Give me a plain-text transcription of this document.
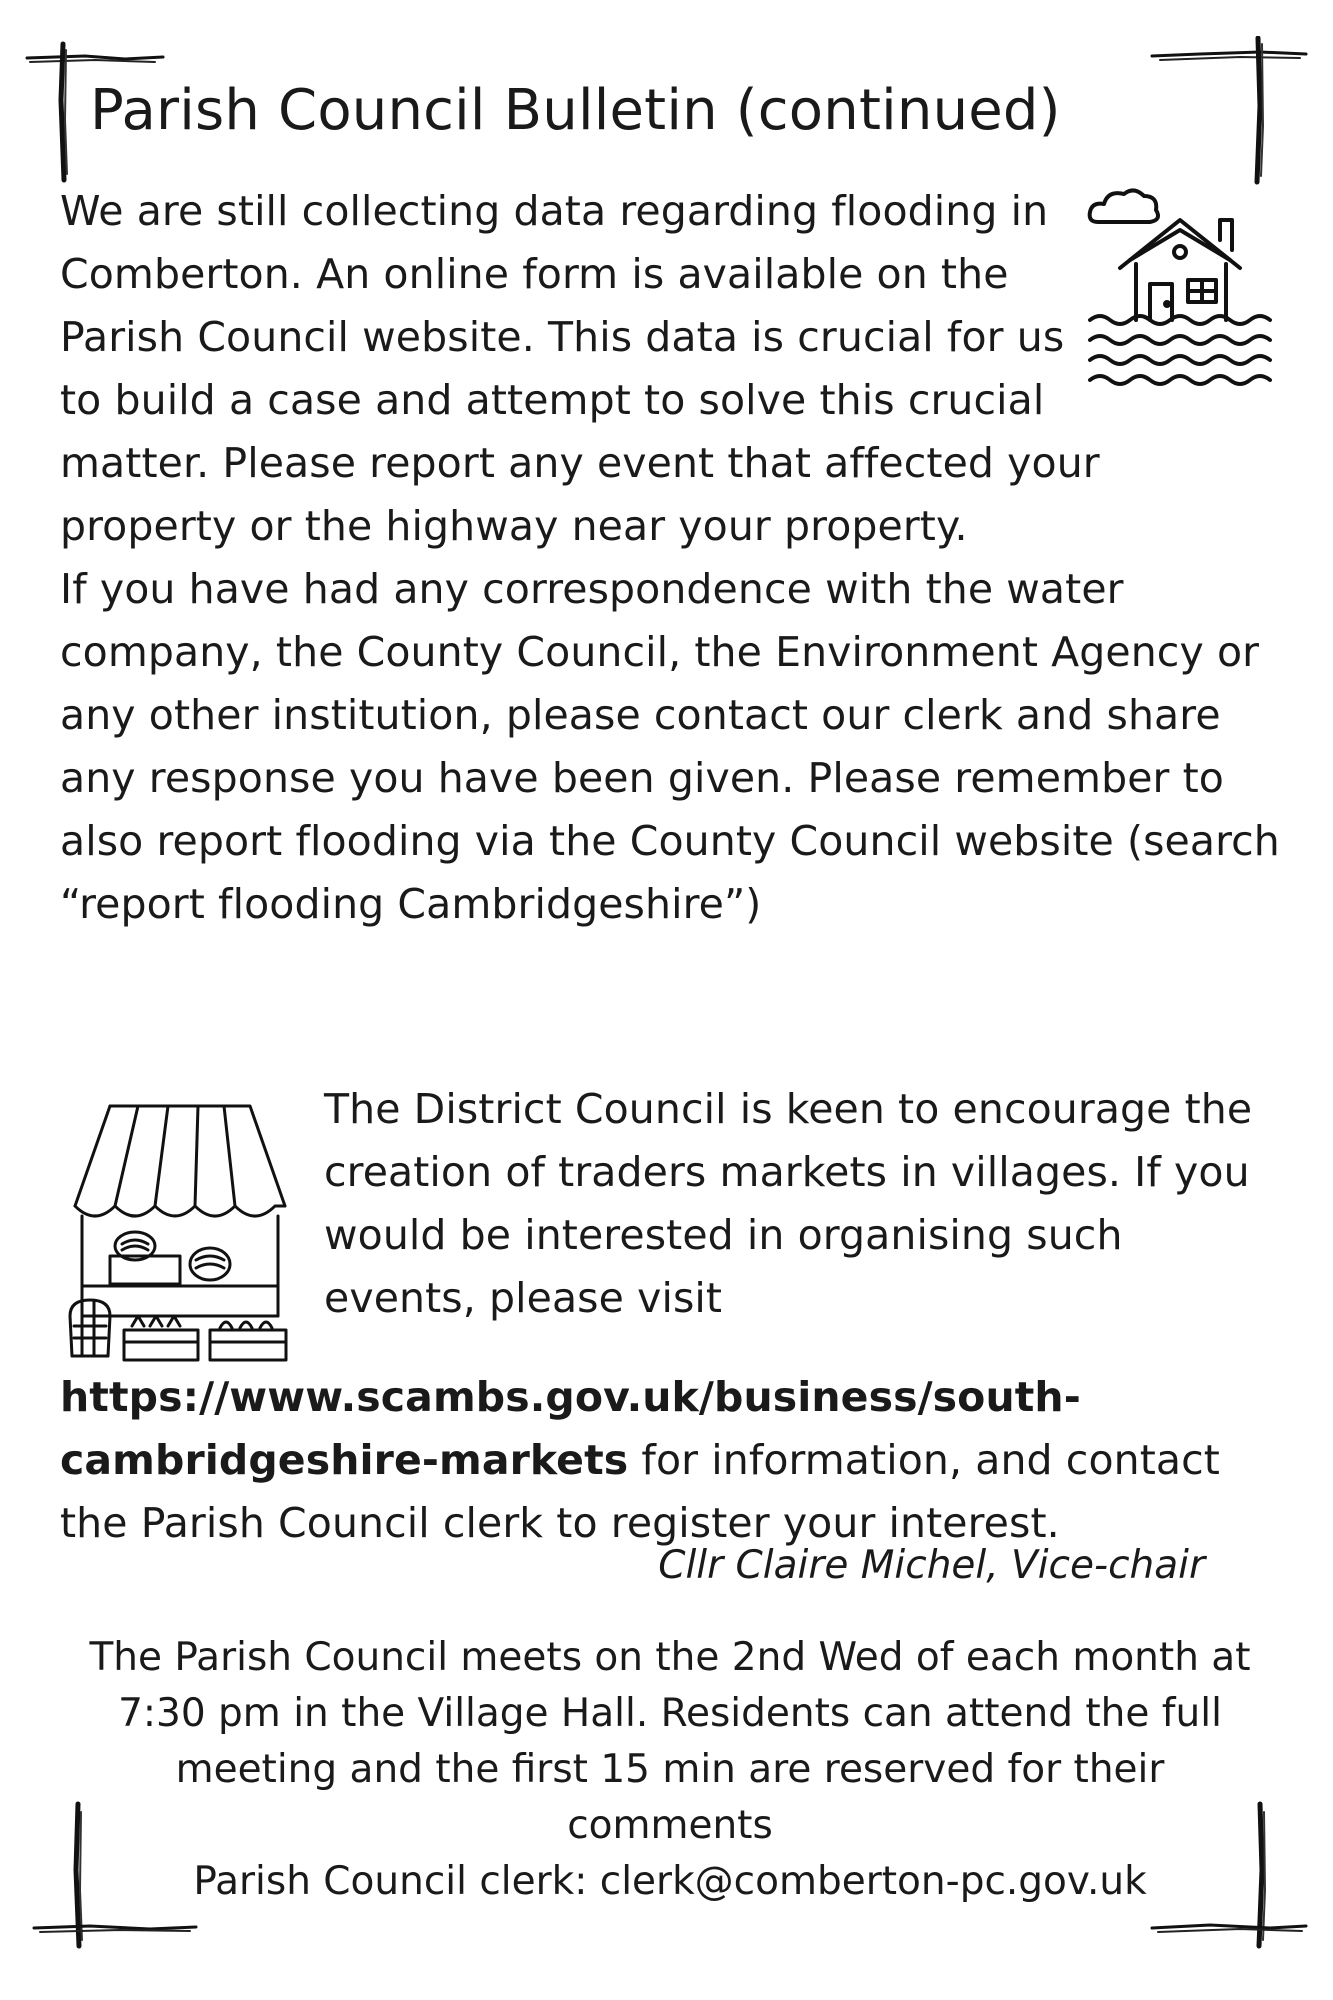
Parish Council Bulletin (continued)

We are still collecting data regarding flooding in Comberton. An online form is available on the Parish Council website. This data is crucial for us to build a case and attempt to solve this crucial matter. Please report any event that affected your property or the highway near your property.

If you have had any correspondence with the water company, the County Council, the Environment Agency or any other institution, please contact our clerk and share any response you have been given. Please remember to also report flooding via the County Council website (search “report flooding Cambridgeshire”)

The District Council is keen to encourage the creation of traders markets in villages. If you would be interested in organising such events, please visit https://www.scambs.gov.uk/business/south-cambridgeshire-markets for information, and contact the Parish Council clerk to register your interest.

Cllr Claire Michel, Vice-chair

The Parish Council meets on the 2nd Wed of each month at 7:30 pm in the Village Hall. Residents can attend the full meeting and the first 15 min are reserved for their comments

Parish Council clerk: clerk@comberton-pc.gov.uk
